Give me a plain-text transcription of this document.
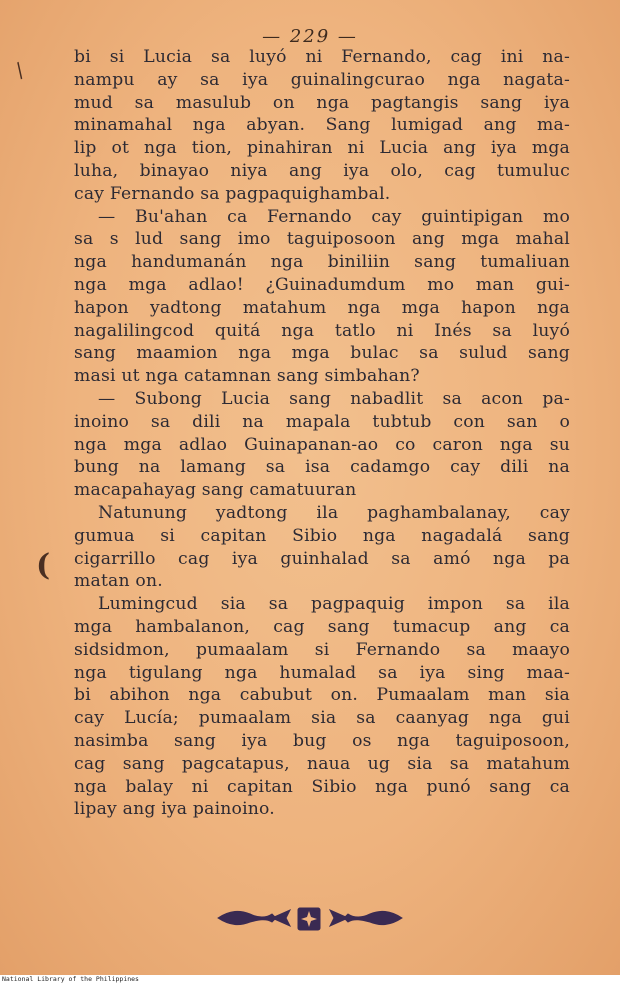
— 229 —
/
(
bi si Lucia sa luyó ni Fernando, cag ini na-
nampu ay sa iya guinalingcurao nga nagata-
mud sa masulub on nga pagtangis sang iya
minamahal nga abyan. Sang lumigad ang ma-
lip ot nga tion, pinahiran ni Lucia ang iya mga
luha, binayao niya ang iya olo, cag tumuluc
cay Fernando sa pagpaquighambal.
— Bu'ahan ca Fernando cay guintipigan mo
sa s lud sang imo taguiposoon ang mga mahal
nga handumanán nga biniliin sang tumaliuan
nga mga adlao! ¿Guinadumdum mo man gui-
hapon yadtong matahum nga mga hapon nga
nagalilingcod quitá nga tatlo ni Inés sa luyó
sang maamion nga mga bulac sa sulud sang
masi ut nga catamnan sang simbahan?
— Subong Lucia sang nabadlit sa acon pa-
inoino sa dili na mapala tubtub con san o
nga mga adlao Guinapanan-ao co caron nga su
bung na lamang sa isa cadamgo cay dili na
macapahayag sang camatuuran
Natunung yadtong ila paghambalanay, cay
gumua si capitan Sibio nga nagadalá sang
cigarrillo cag iya guinhalad sa amó nga pa
matan on.
Lumingcud sia sa pagpaquig impon sa ila
mga hambalanon, cag sang tumacup ang ca
sidsidmon, pumaalam si Fernando sa maayo
nga tigulang nga humalad sa iya sing maa-
bi abihon nga cabubut on. Pumaalam man sia
cay Lucía; pumaalam sia sa caanyag nga gui
nasimba sang iya bug os nga taguiposoon,
cag sang pagcatapus, naua ug sia sa matahum
nga balay ni capitan Sibio nga punó sang ca
lipay ang iya painoino.
National Library of the Philippines
